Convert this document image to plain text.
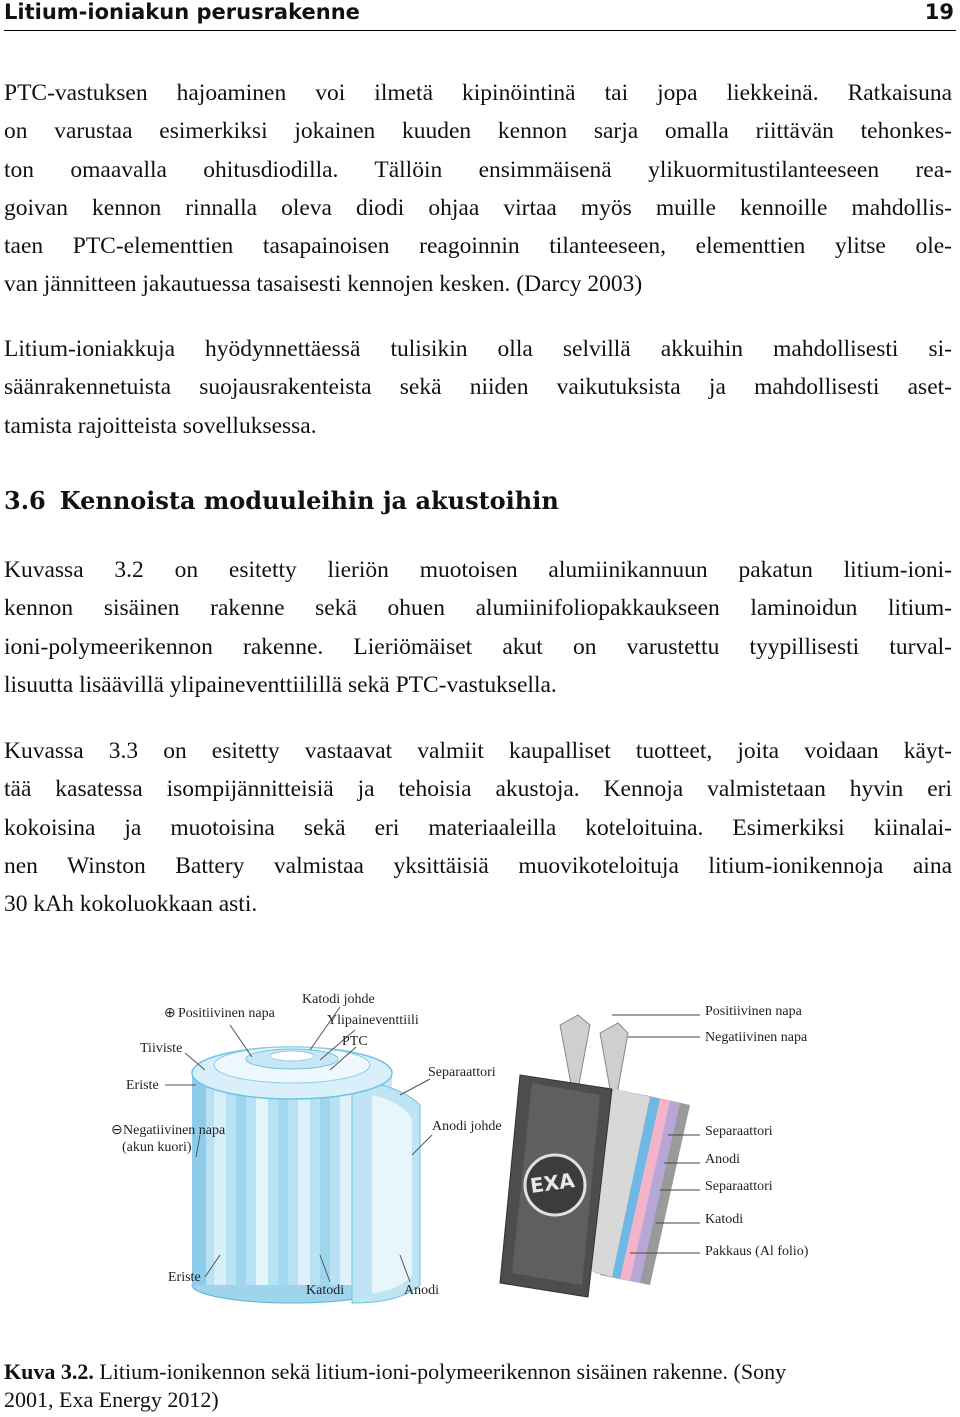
Litium-ioniakun perusrakenne	19
PTC-vastuksen hajoaminen voi ilmetä kipinöintinä tai jopa liekkeinä. Ratkaisuna
on varustaa esimerkiksi jokainen kuuden kennon sarja omalla riittävän tehonkes-
ton omaavalla ohitusdiodilla. Tällöin ensimmäisenä ylikuormitustilanteeseen rea-
goivan kennon rinnalla oleva diodi ohjaa virtaa myös muille kennoille mahdollis-
taen PTC-elementtien tasapainoisen reagoinnin tilanteeseen, elementtien ylitse ole-
van jännitteen jakautuessa tasaisesti kennojen kesken. (Darcy 2003)
Litium-ioniakkuja hyödynnettäessä tulisikin olla selvillä akkuihin mahdollisesti si-
säänrakennetuista suojausrakenteista sekä niiden vaikutuksista ja mahdollisesti aset-
tamista rajoitteista sovelluksessa.
3.6 Kennoista moduuleihin ja akustoihin
Kuvassa 3.2 on esitetty lieriön muotoisen alumiinikannuun pakatun litium-ioni-
kennon sisäinen rakenne sekä ohuen alumiinifoliopakkaukseen laminoidun litium-
ioni-polymeerikennon rakenne. Lieriömäiset akut on varustettu tyypillisesti turval-
lisuutta lisäävillä ylipaineventtiilillä sekä PTC-vastuksella.
Kuvassa 3.3 on esitetty vastaavat valmiit kaupalliset tuotteet, joita voidaan käyt-
tää kasatessa isompijännitteisiä ja tehoisia akustoja. Kennoja valmistetaan hyvin eri
kokoisina ja muotoisina sekä eri materiaaleilla koteloituina. Esimerkiksi kiinalai-
nen Winston Battery valmistaa yksittäisiä muovikoteloituja litium-ionikennoja aina
30 kAh kokoluokkaan asti.
Katodi johde
⊕ Positiivinen napa	Ylipaineventtiili
PTC
Tiiviste
Eriste
Separaattori
⊖ Negatiivinen napa
(akun kuori)
Anodi johde
Eriste
Katodi	Anodi
Positiivinen napa
Negatiivinen napa
Separaattori
Anodi
Separaattori
Katodi
Pakkaus (Al folio)
EXA

Kuva 3.2. Litium-ionikennon sekä litium-ioni-polymeerikennon sisäinen rakenne. (Sony
2001, Exa Energy 2012)
